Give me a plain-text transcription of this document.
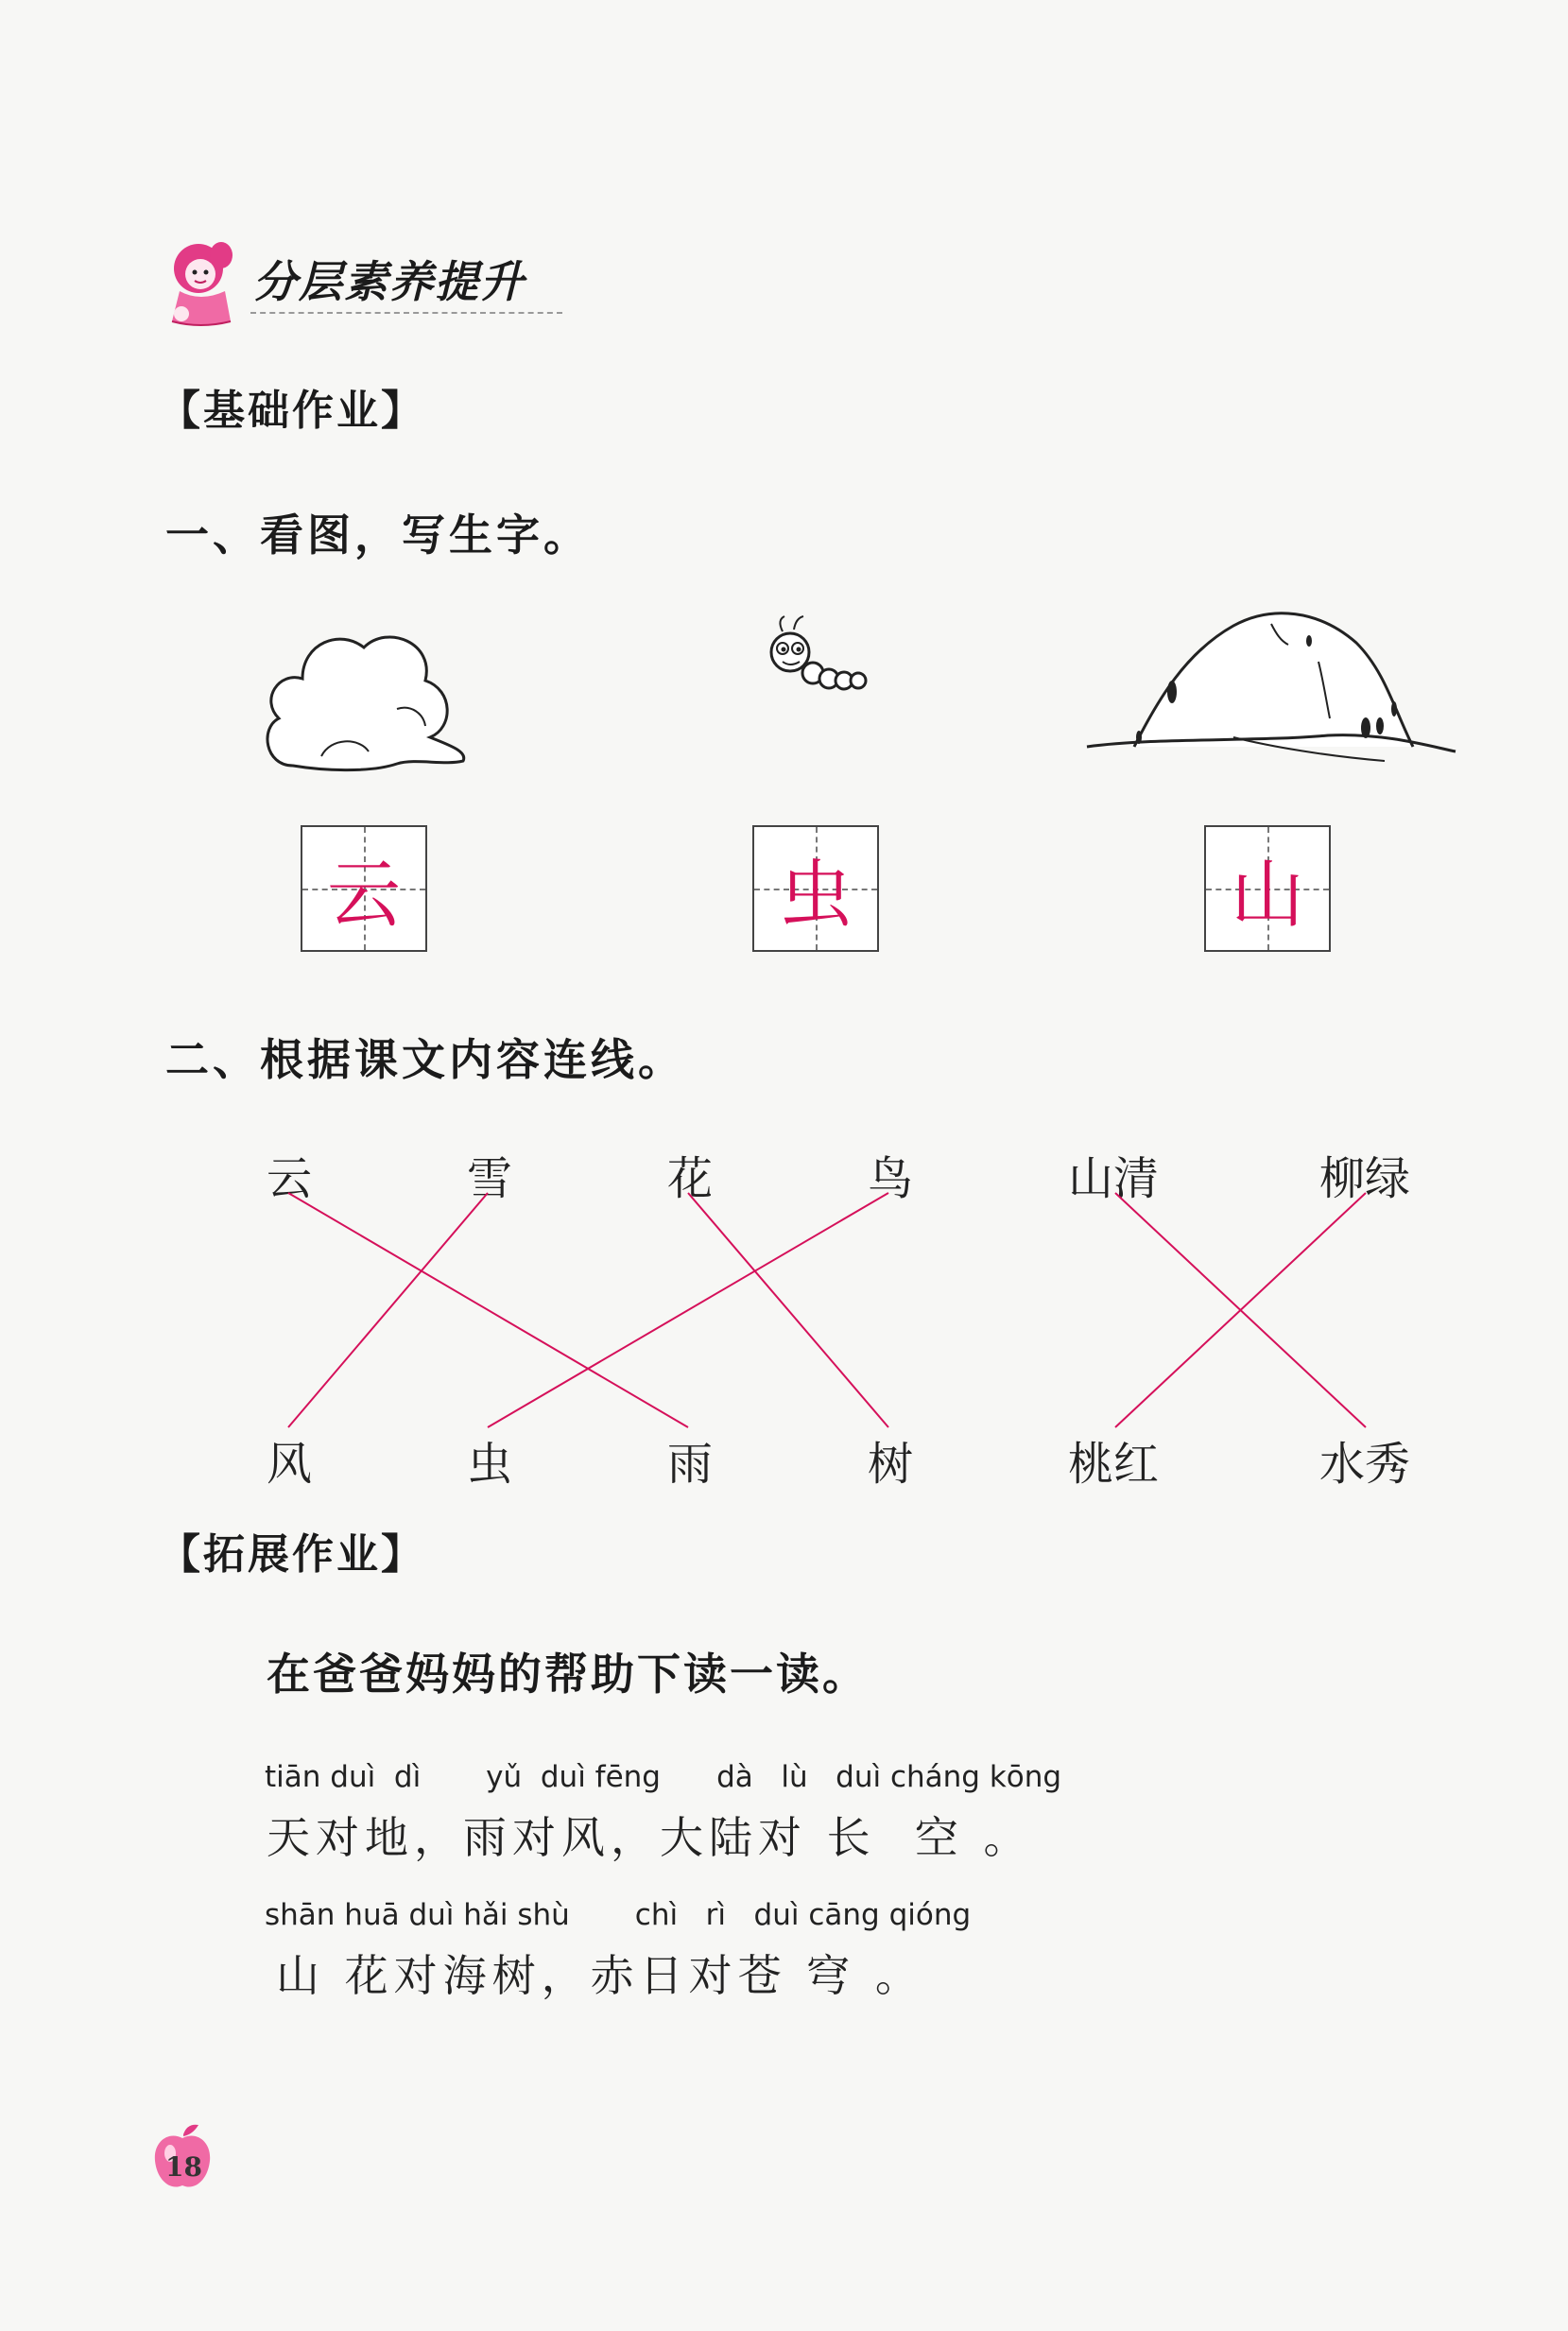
分层素养提升
【基础作业】
一、看图，写生字。
云	虫	山
二、根据课文内容连线。
云	雪	花	鸟	山清	柳绿
风	虫	雨	树	桃红	水秀
【拓展作业】
在爸爸妈妈的帮助下读一读。
tiān duì  dì       yǔ  duì fēng      dà   lù   duì cháng kōng
天对地，雨对风，大陆对 长  空 。
shān huā duì hǎi shù       chì   rì   duì cāng qióng
山 花对海树，赤日对苍 穹 。
18
